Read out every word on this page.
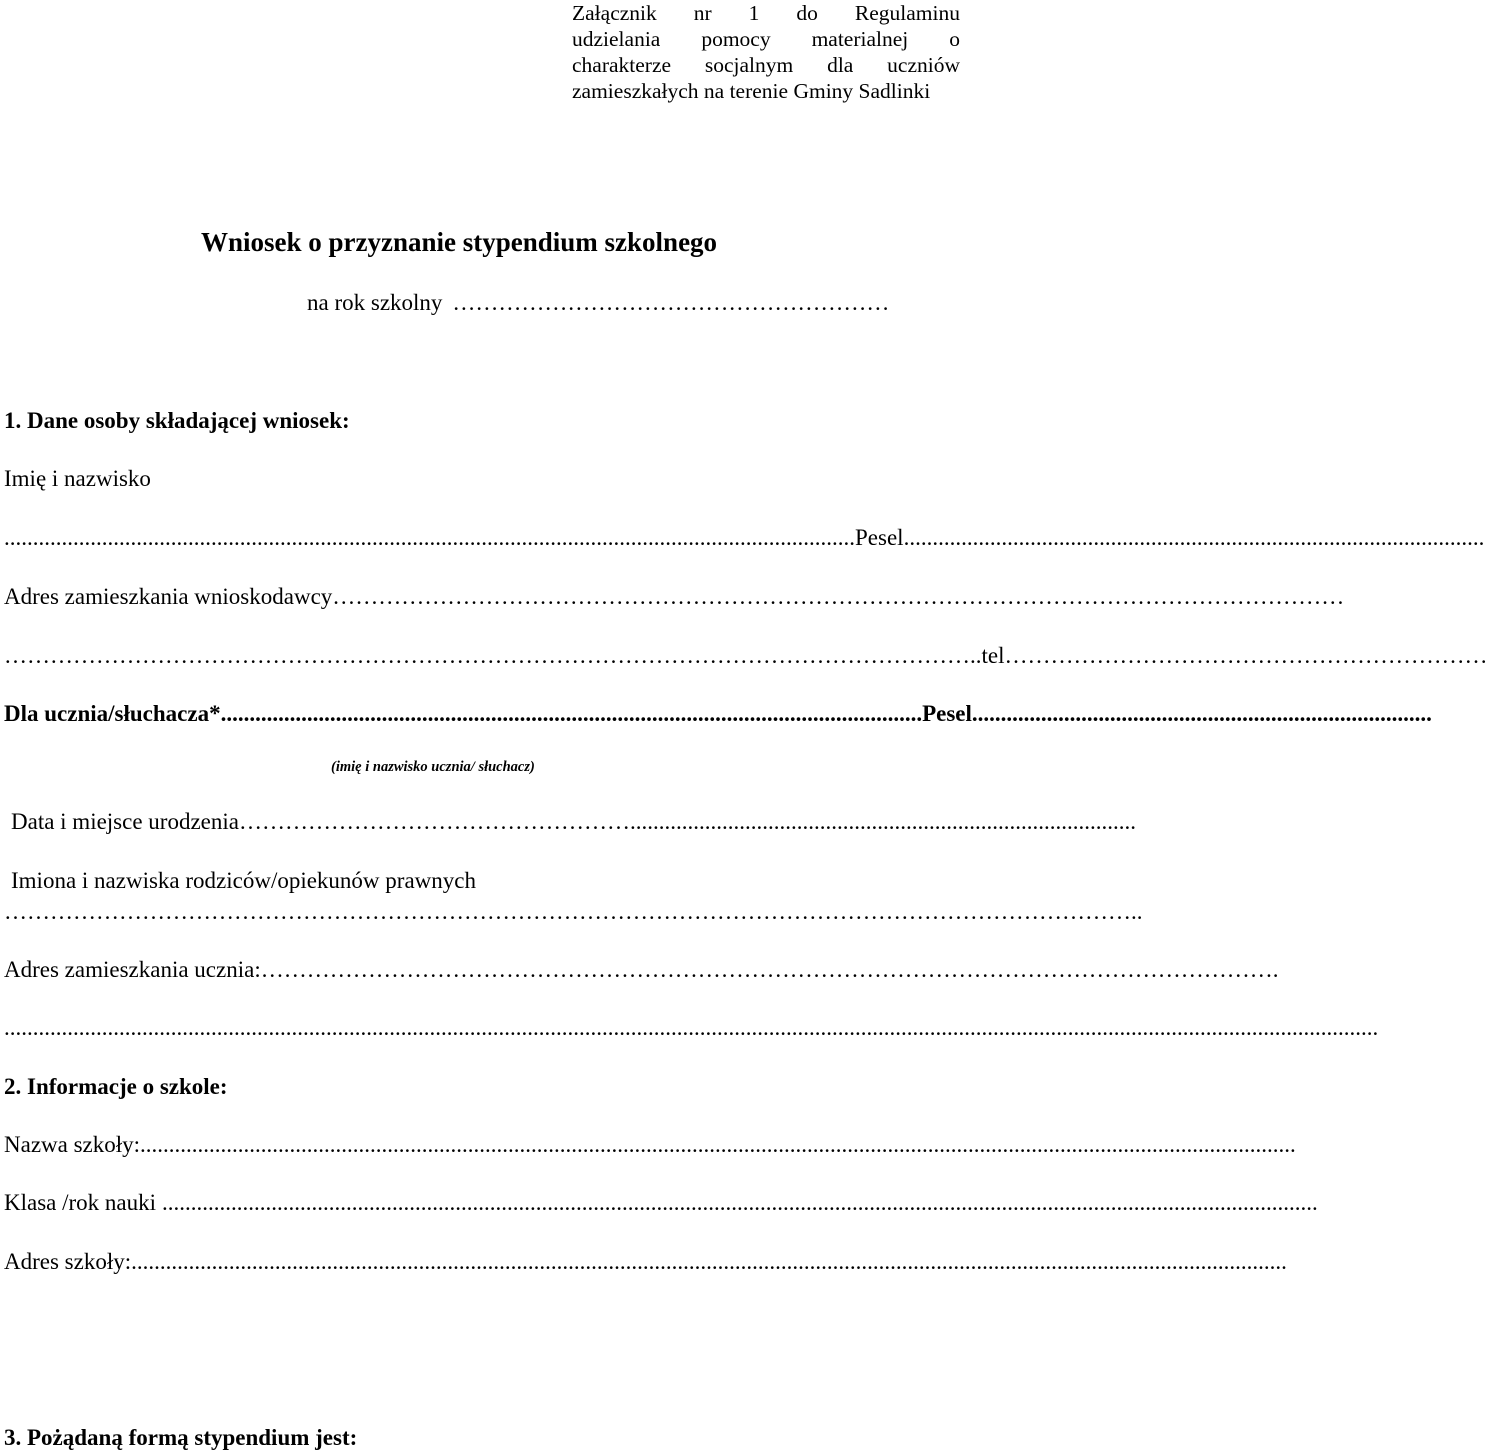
Załącznik nr 1 do Regulaminu
udzielania pomocy materialnej o
charakterze socjalnym dla uczniów
zamieszkałych na terenie Gminy Sadlinki
Wniosek o przyznanie stypendium szkolnego
na rok szkolny …………………………………………………
1. Dane osoby składającej wniosek:
Imię i nazwisko
.................................................................................................................................................... Pesel .....................................................................................................
Adres zamieszkania wnioskodawcy ……………………………………………………………………………………………………………………
……………………………………………………………………………………………………………….. tel ………………………………………………………
Dla ucznia/słuchacza* .......................................................................................................................... Pesel ................................................................................
(imię i nazwisko ucznia/ słuchacz)
Data i miejsce urodzenia ……………………………………………. .......................................................................................
Imiona i nazwiska rodziców/opiekunów prawnych
…………………………………………………………………………………………………………………………………..
Adres zamieszkania ucznia: …………………………………………………………………………………………………………………….
...............................................................................................................................................................................................................................................
2. Informacje o szkole:
Nazwa szkoły: .........................................................................................................................................................................................................
Klasa /rok nauki .........................................................................................................................................................................................................
Adres szkoły: .........................................................................................................................................................................................................
3. Pożądaną formą stypendium jest:
